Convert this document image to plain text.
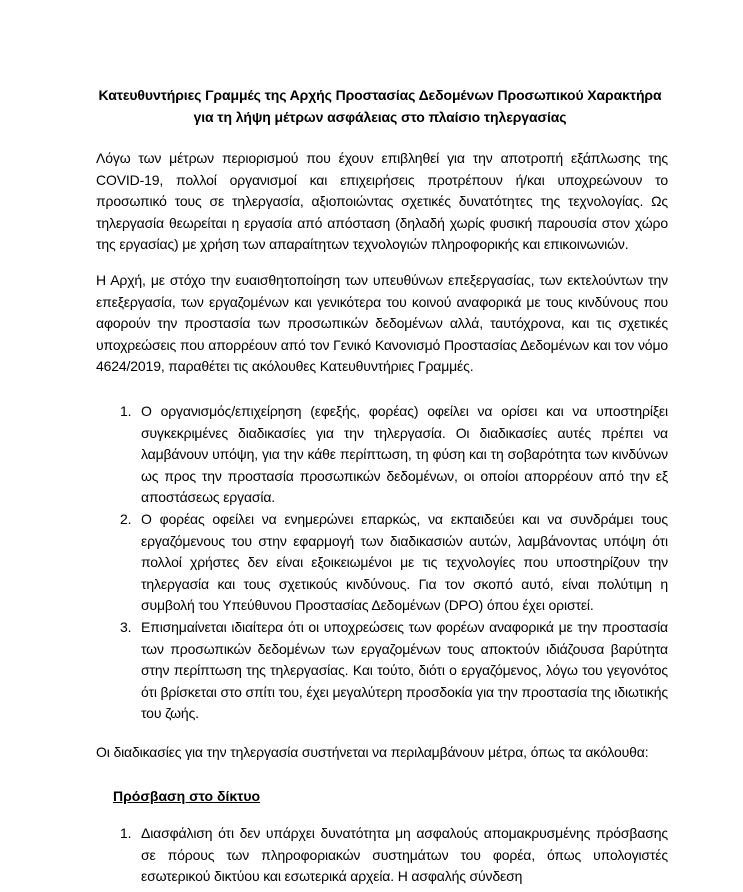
Κατευθυντήριες Γραμμές της Αρχής Προστασίας Δεδομένων Προσωπικού Χαρακτήρα
για τη λήψη μέτρων ασφάλειας στο πλαίσιο τηλεργασίας
Λόγω των μέτρων περιορισμού που έχουν επιβληθεί για την αποτροπή εξάπλωσης της COVID-19, πολλοί οργανισμοί και επιχειρήσεις προτρέπουν ή/και υποχρεώνουν το προσωπικό τους σε τηλεργασία, αξιοποιώντας σχετικές δυνατότητες της τεχνολογίας. Ως τηλεργασία θεωρείται η εργασία από απόσταση (δηλαδή χωρίς φυσική παρουσία στον χώρο της εργασίας) με χρήση των απαραίτητων τεχνολογιών πληροφορικής και επικοινωνιών.
Η Αρχή, με στόχο την ευαισθητοποίηση των υπευθύνων επεξεργασίας, των εκτελούντων την επεξεργασία, των εργαζομένων και γενικότερα του κοινού αναφορικά με τους κινδύνους που αφορούν την προστασία των προσωπικών δεδομένων αλλά, ταυτόχρονα, και τις σχετικές υποχρεώσεις που απορρέουν από τον Γενικό Κανονισμό Προστασίας Δεδομένων και τον νόμο 4624/2019, παραθέτει τις ακόλουθες Κατευθυντήριες Γραμμές.
1. Ο οργανισμός/επιχείρηση (εφεξής, φορέας) οφείλει να ορίσει και να υποστηρίξει συγκεκριμένες διαδικασίες για την τηλεργασία. Οι διαδικασίες αυτές πρέπει να λαμβάνουν υπόψη, για την κάθε περίπτωση, τη φύση και τη σοβαρότητα των κινδύνων ως προς την προστασία προσωπικών δεδομένων, οι οποίοι απορρέουν από την εξ αποστάσεως εργασία.
2. Ο φορέας οφείλει να ενημερώνει επαρκώς, να εκπαιδεύει και να συνδράμει τους εργαζόμενους του στην εφαρμογή των διαδικασιών αυτών, λαμβάνοντας υπόψη ότι πολλοί χρήστες δεν είναι εξοικειωμένοι με τις τεχνολογίες που υποστηρίζουν την τηλεργασία και τους σχετικούς κινδύνους. Για τον σκοπό αυτό, είναι πολύτιμη η συμβολή του Υπεύθυνου Προστασίας Δεδομένων (DPO) όπου έχει οριστεί.
3. Επισημαίνεται ιδιαίτερα ότι οι υποχρεώσεις των φορέων αναφορικά με την προστασία των προσωπικών δεδομένων των εργαζομένων τους αποκτούν ιδιάζουσα βαρύτητα στην περίπτωση της τηλεργασίας. Και τούτο, διότι ο εργαζόμενος, λόγω του γεγονότος ότι βρίσκεται στο σπίτι του, έχει μεγαλύτερη προσδοκία για την προστασία της ιδιωτικής του ζωής.
Οι διαδικασίες για την τηλεργασία συστήνεται να περιλαμβάνουν μέτρα, όπως τα ακόλουθα:
Πρόσβαση στο δίκτυο
1. Διασφάλιση ότι δεν υπάρχει δυνατότητα μη ασφαλούς απομακρυσμένης πρόσβασης σε πόρους των πληροφοριακών συστημάτων του φορέα, όπως υπολογιστές εσωτερικού δικτύου και εσωτερικά αρχεία. Η ασφαλής σύνδεση
